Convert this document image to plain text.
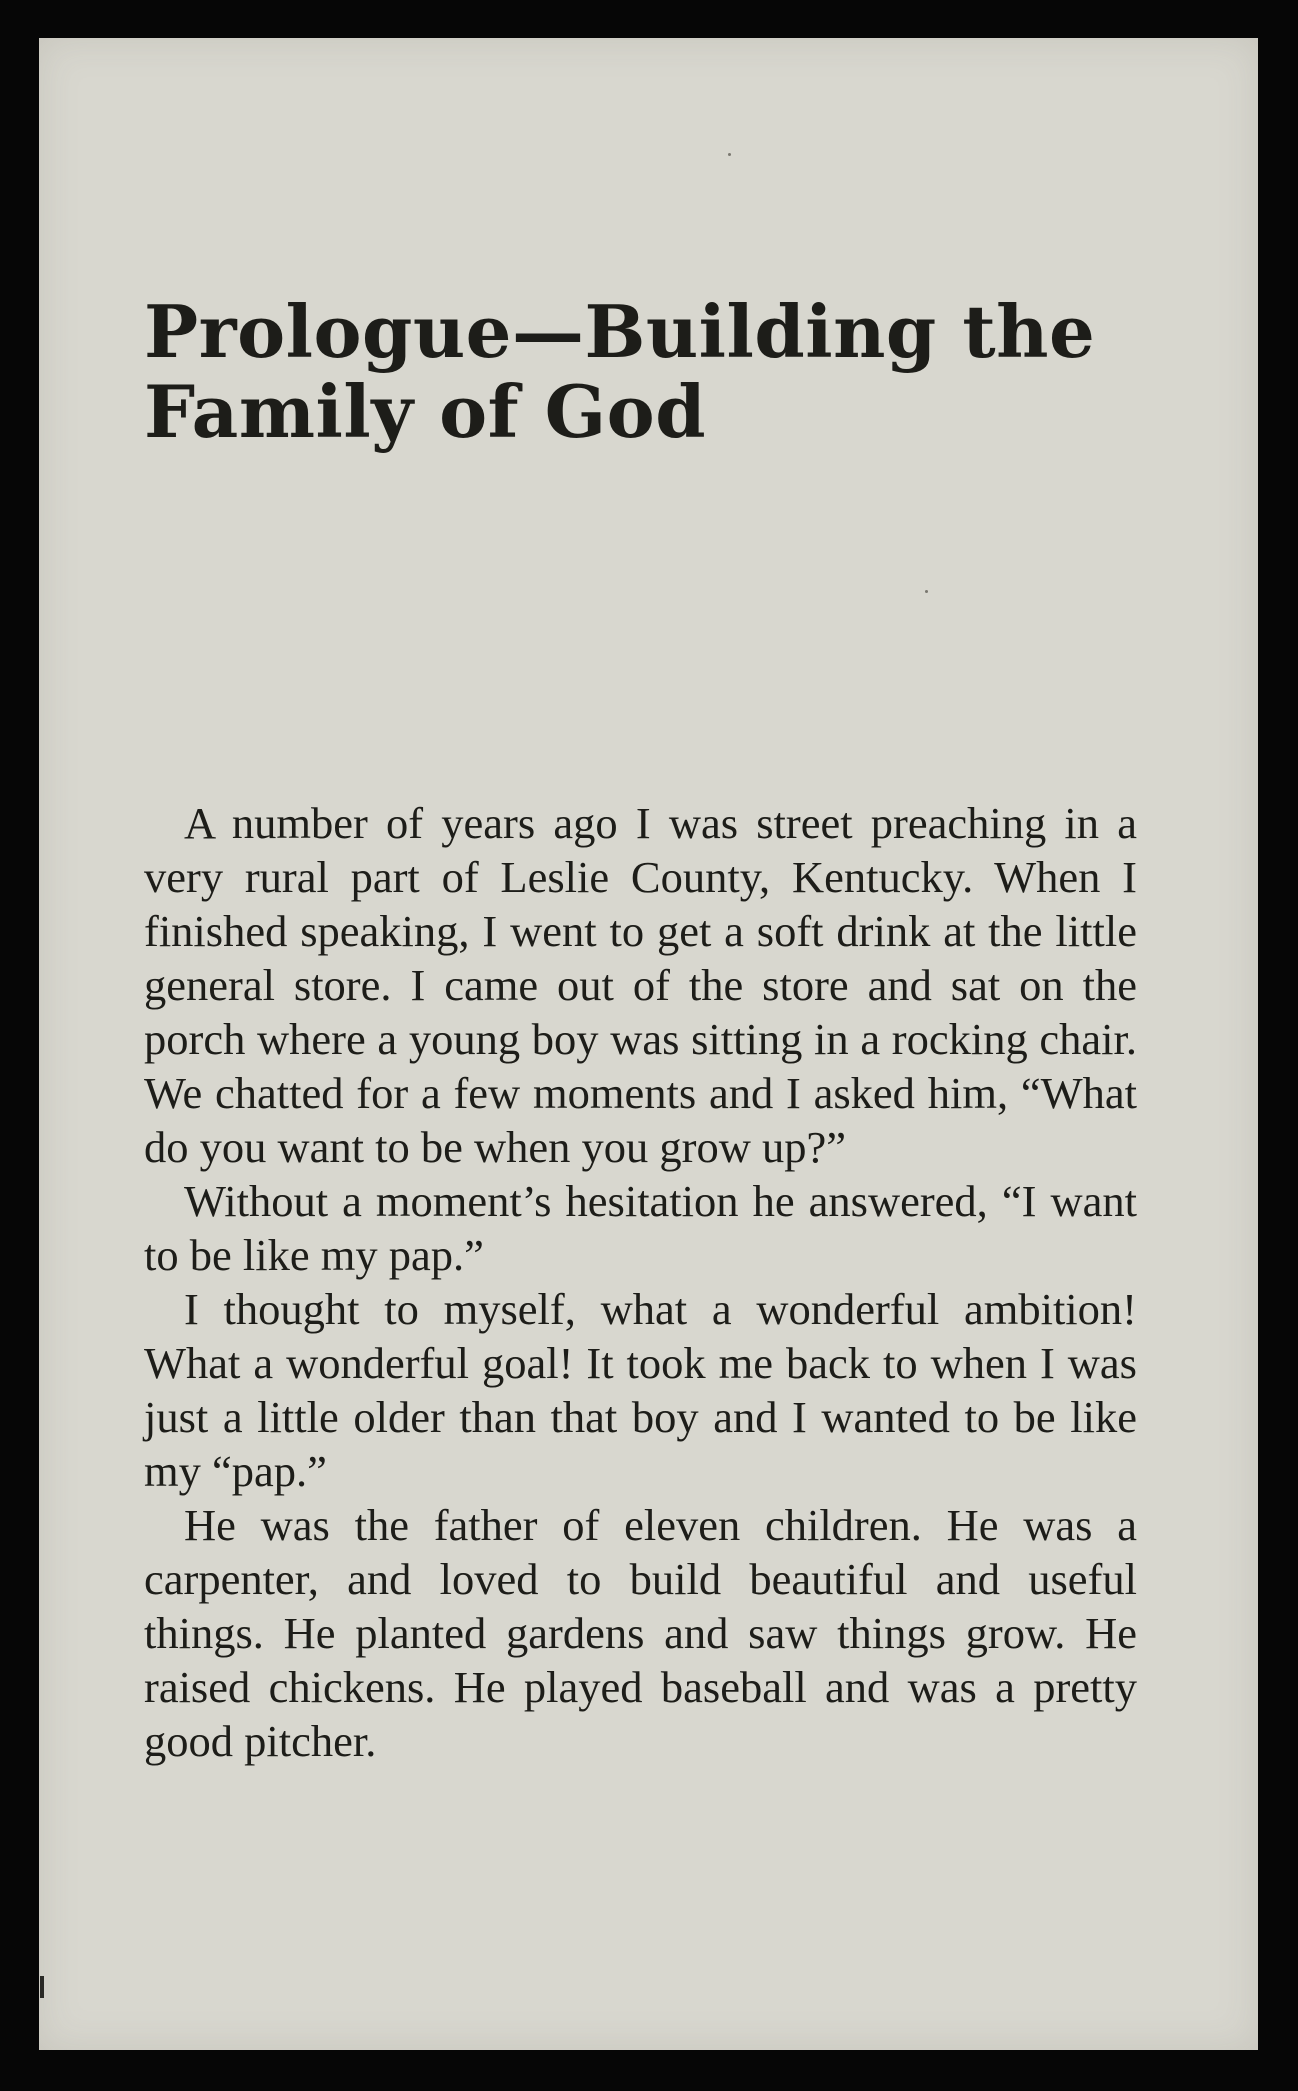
Prologue—Building the
Family of God

A number of years ago I was street preaching in a very rural part of Leslie County, Kentucky. When I finished speaking, I went to get a soft drink at the little general store. I came out of the store and sat on the porch where a young boy was sitting in a rocking chair. We chatted for a few moments and I asked him, “What do you want to be when you grow up?”

Without a moment’s hesitation he answered, “I want to be like my pap.”

I thought to myself, what a wonderful ambition! What a wonderful goal! It took me back to when I was just a little older than that boy and I wanted to be like my “pap.”

He was the father of eleven children. He was a carpenter, and loved to build beautiful and useful things. He planted gardens and saw things grow. He raised chickens. He played baseball and was a pretty good pitcher.
